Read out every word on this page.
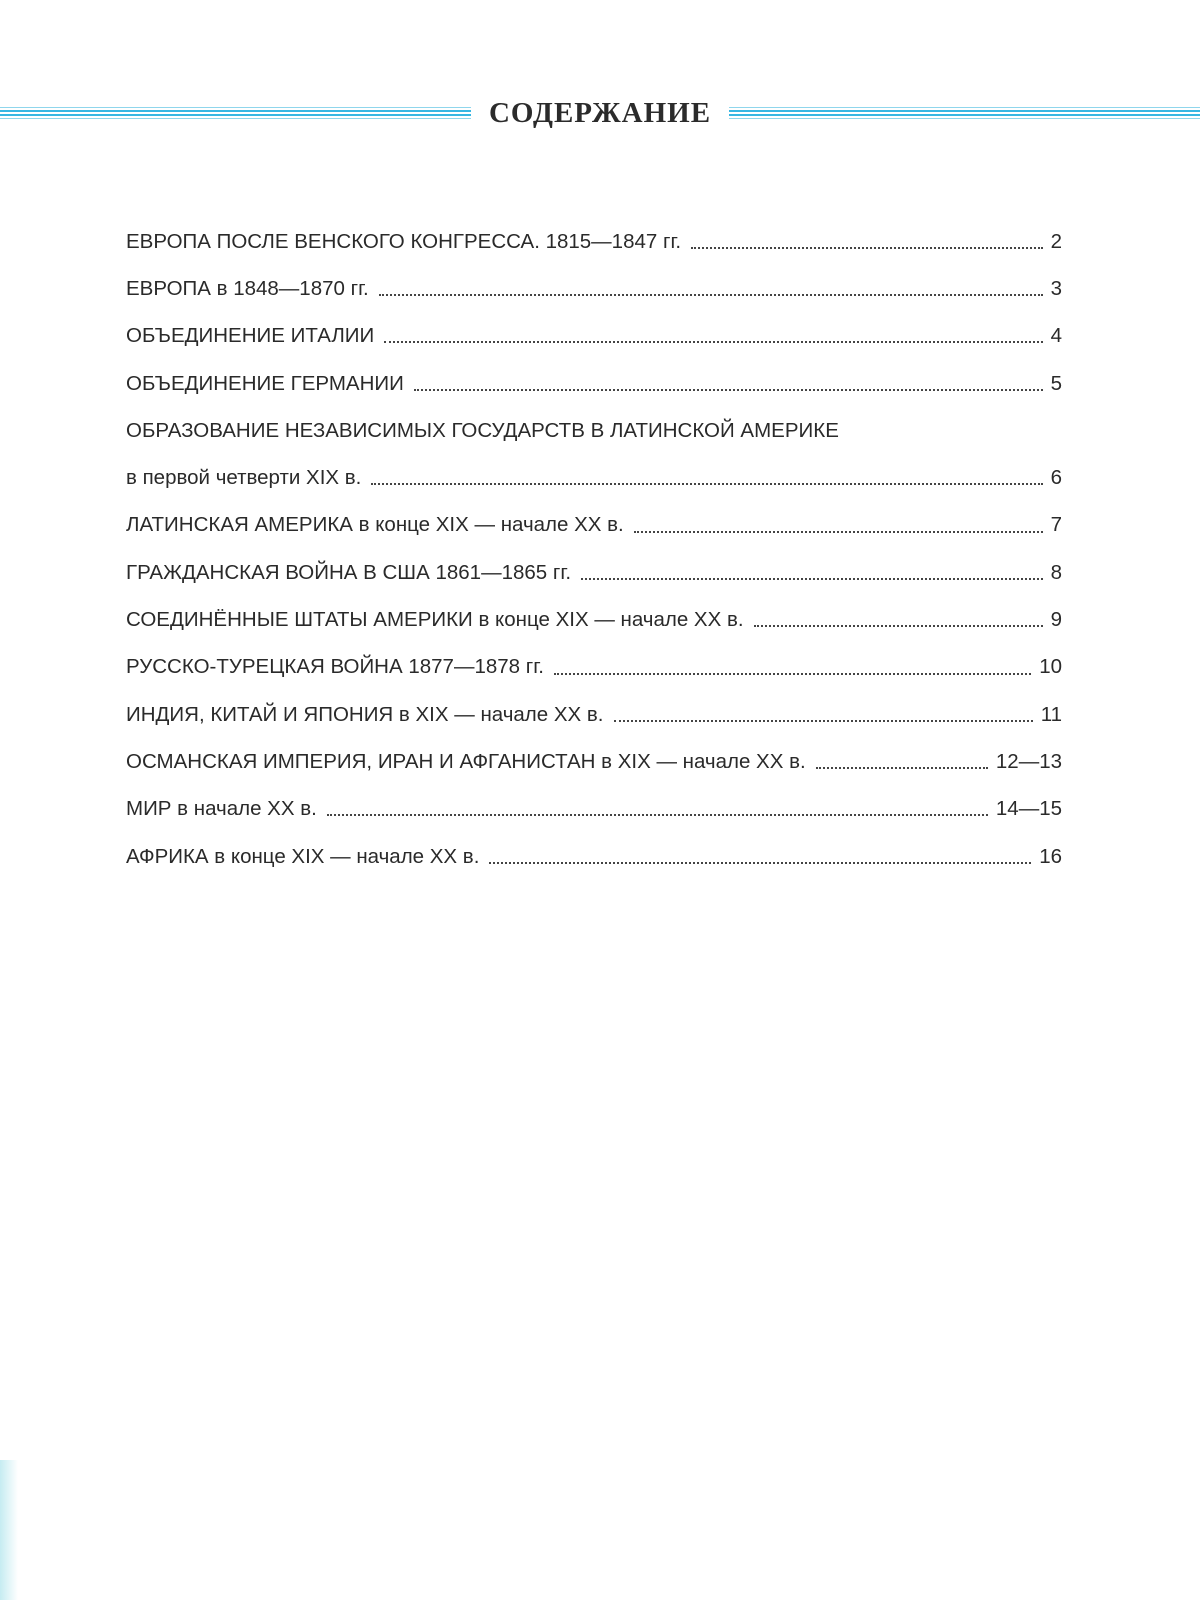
СОДЕРЖАНИЕ
ЕВРОПА ПОСЛЕ ВЕНСКОГО КОНГРЕССА. 1815—1847 гг.	2
ЕВРОПА в 1848—1870 гг.	3
ОБЪЕДИНЕНИЕ ИТАЛИИ	4
ОБЪЕДИНЕНИЕ ГЕРМАНИИ	5
ОБРАЗОВАНИЕ НЕЗАВИСИМЫХ ГОСУДАРСТВ В ЛАТИНСКОЙ АМЕРИКЕ
в первой четверти XIX в.	6
ЛАТИНСКАЯ АМЕРИКА в конце XIX — начале XX в.	7
ГРАЖДАНСКАЯ ВОЙНА В США 1861—1865 гг.	8
СОЕДИНЁННЫЕ ШТАТЫ АМЕРИКИ в конце XIX — начале XX в.	9
РУССКО-ТУРЕЦКАЯ ВОЙНА 1877—1878 гг.	10
ИНДИЯ, КИТАЙ И ЯПОНИЯ в XIX — начале XX в.	11
ОСМАНСКАЯ ИМПЕРИЯ, ИРАН И АФГАНИСТАН в XIX — начале XX в.	12—13
МИР в начале XX в.	14—15
АФРИКА в конце XIX — начале XX в.	16
